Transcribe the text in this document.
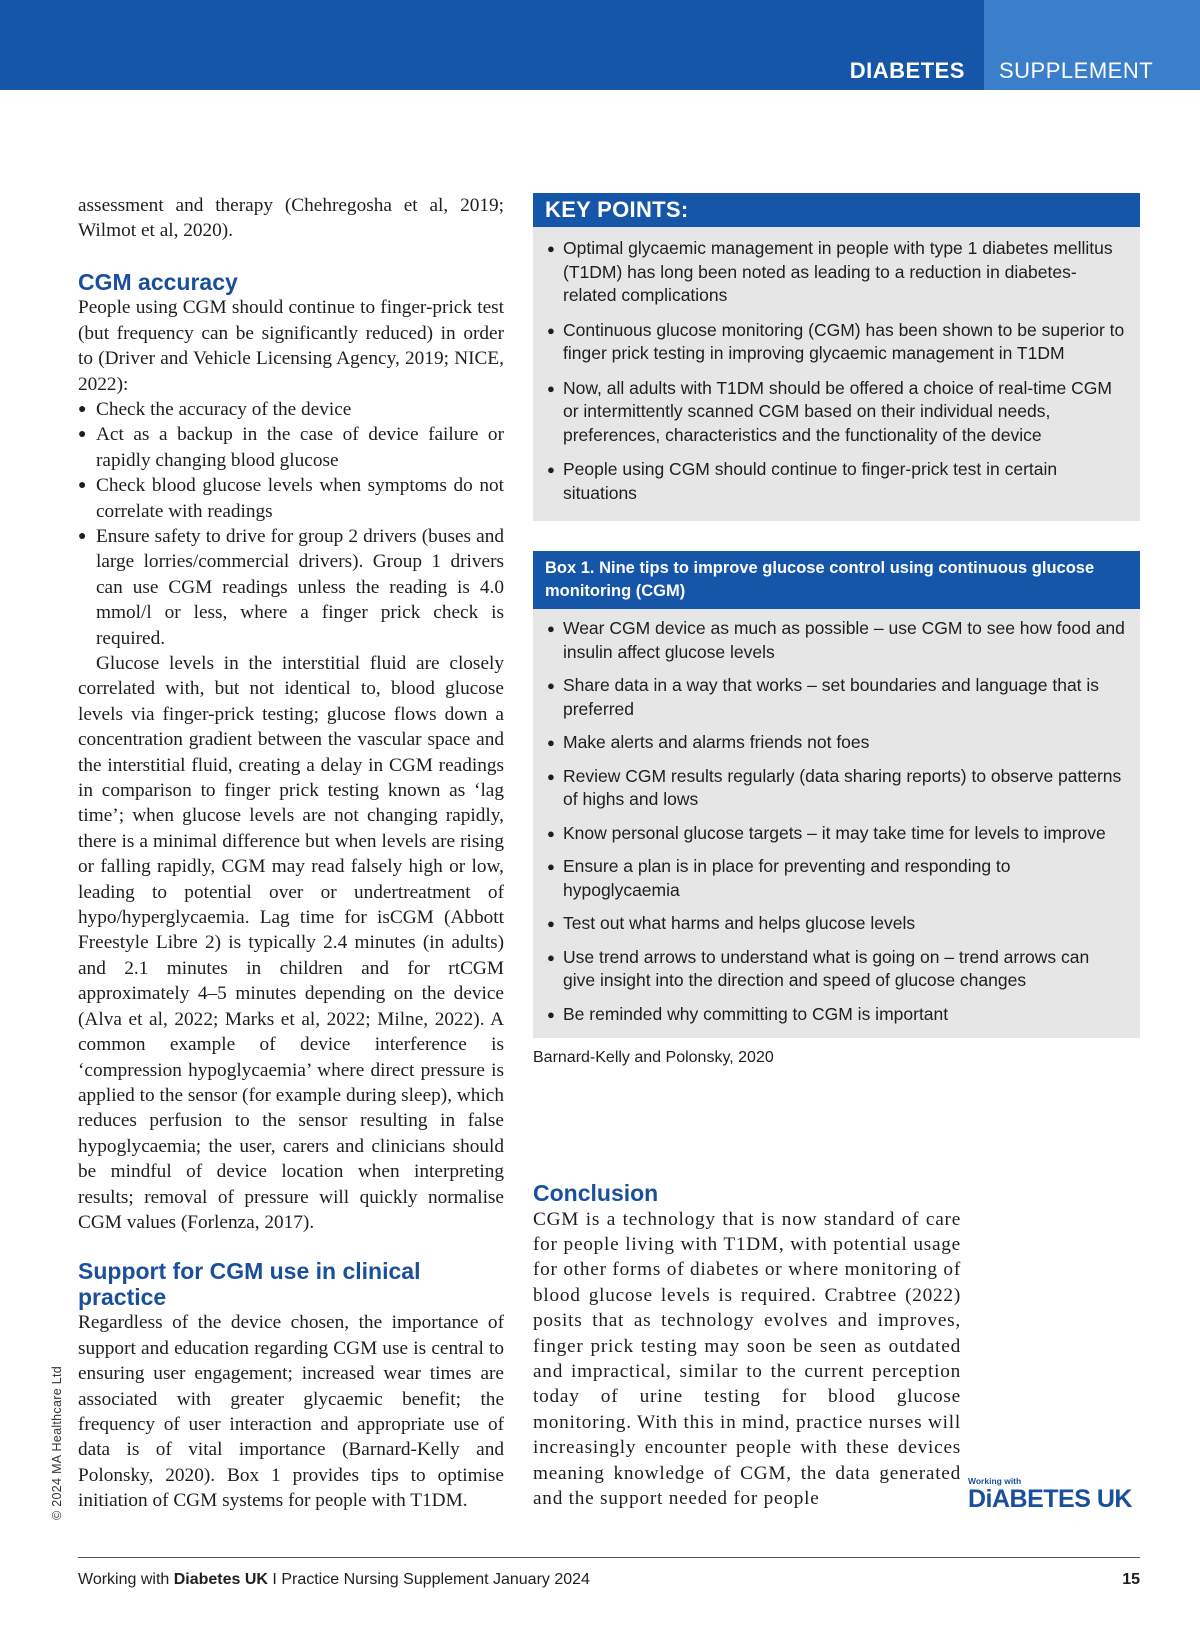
DIABETES SUPPLEMENT

assessment and therapy (Chehregosha et al, 2019; Wilmot et al, 2020).

CGM accuracy

People using CGM should continue to finger-prick test (but frequency can be significantly reduced) in order to (Driver and Vehicle Licensing Agency, 2019; NICE, 2022):

● Check the accuracy of the device
● Act as a backup in the case of device failure or rapidly changing blood glucose
● Check blood glucose levels when symptoms do not correlate with readings
● Ensure safety to drive for group 2 drivers (buses and large lorries/commercial drivers). Group 1 drivers can use CGM readings unless the reading is 4.0 mmol/l or less, where a finger prick check is required.

Glucose levels in the interstitial fluid are closely correlated with, but not identical to, blood glucose levels via finger-prick testing; glucose flows down a concentration gradient between the vascular space and the interstitial fluid, creating a delay in CGM readings in comparison to finger prick testing known as ‘lag time’; when glucose levels are not changing rapidly, there is a minimal difference but when levels are rising or falling rapidly, CGM may read falsely high or low, leading to potential over or undertreatment of hypo/hyperglycaemia. Lag time for isCGM (Abbott Freestyle Libre 2) is typically 2.4 minutes (in adults) and 2.1 minutes in children and for rtCGM approximately 4–5 minutes depending on the device (Alva et al, 2022; Marks et al, 2022; Milne, 2022). A common example of device interference is ‘compression hypoglycaemia’ where direct pressure is applied to the sensor (for example during sleep), which reduces perfusion to the sensor resulting in false hypoglycaemia; the user, carers and clinicians should be mindful of device location when interpreting results; removal of pressure will quickly normalise CGM values (Forlenza, 2017).

Support for CGM use in clinical practice

Regardless of the device chosen, the importance of support and education regarding CGM use is central to ensuring user engagement; increased wear times are associated with greater glycaemic benefit; the frequency of user interaction and appropriate use of data is of vital importance (Barnard-Kelly and Polonsky, 2020). Box 1 provides tips to optimise initiation of CGM systems for people with T1DM.

KEY POINTS:
● Optimal glycaemic management in people with type 1 diabetes mellitus (T1DM) has long been noted as leading to a reduction in diabetes-related complications
● Continuous glucose monitoring (CGM) has been shown to be superior to finger prick testing in improving glycaemic management in T1DM
● Now, all adults with T1DM should be offered a choice of real-time CGM or intermittently scanned CGM based on their individual needs, preferences, characteristics and the functionality of the device
● People using CGM should continue to finger-prick test in certain situations
Box 1. Nine tips to improve glucose control using continuous glucose monitoring (CGM)
● Wear CGM device as much as possible – use CGM to see how food and insulin affect glucose levels
● Share data in a way that works – set boundaries and language that is preferred
● Make alerts and alarms friends not foes
● Review CGM results regularly (data sharing reports) to observe patterns of highs and lows
● Know personal glucose targets – it may take time for levels to improve
● Ensure a plan is in place for preventing and responding to hypoglycaemia
● Test out what harms and helps glucose levels
● Use trend arrows to understand what is going on – trend arrows can give insight into the direction and speed of glucose changes
● Be reminded why committing to CGM is important
Barnard-Kelly and Polonsky, 2020
Conclusion

CGM is a technology that is now standard of care for people living with T1DM, with potential usage for other forms of diabetes or where monitoring of blood glucose levels is required. Crabtree (2022) posits that as technology evolves and improves, finger prick testing may soon be seen as outdated and impractical, similar to the current perception today of urine testing for blood glucose monitoring. With this in mind, practice nurses will increasingly encounter people with these devices meaning knowledge of CGM, the data generated and the support needed for people

Working with
DiABETES UK
© 2024 MA Healthcare Ltd
Working with Diabetes UK I Practice Nursing Supplement January 2024	15
